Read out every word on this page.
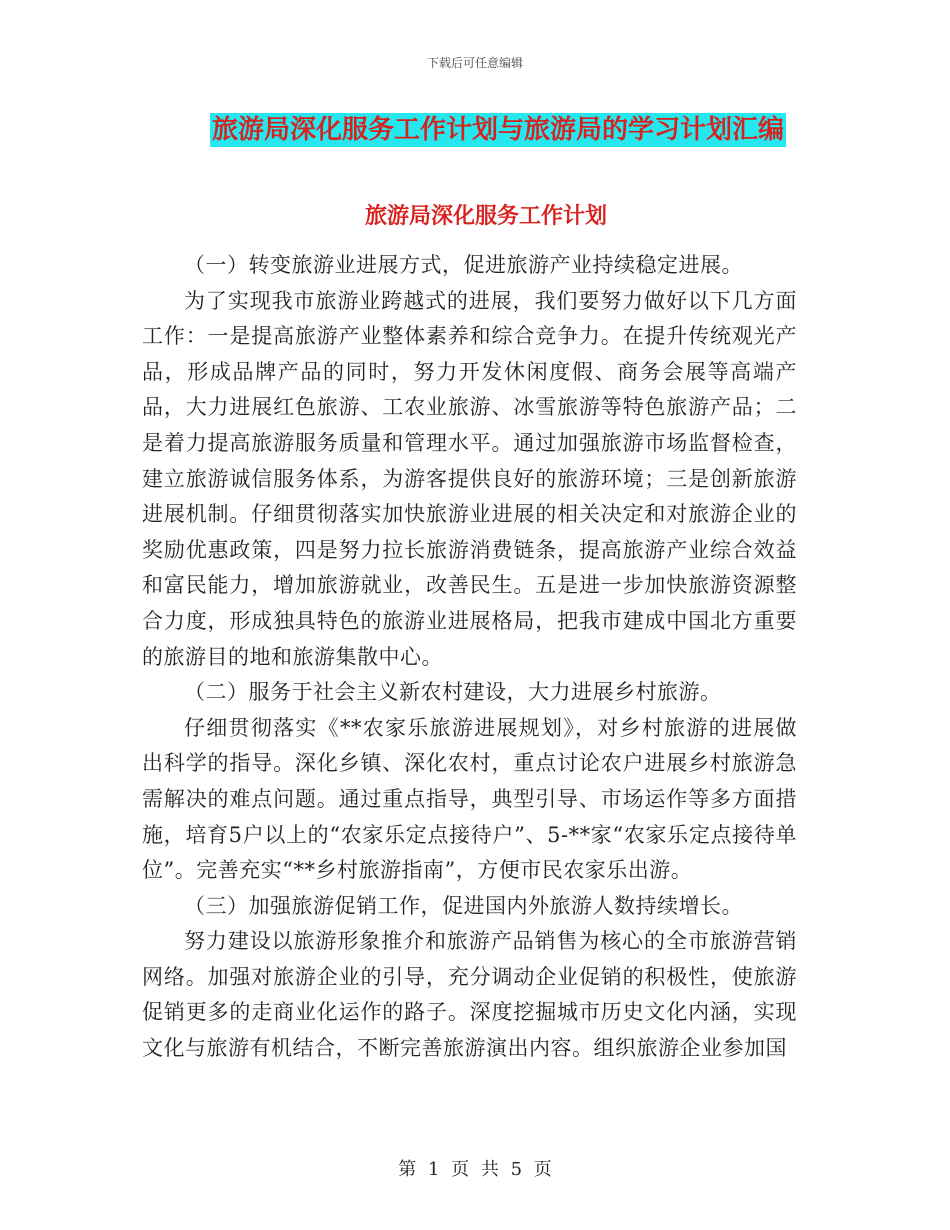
下载后可任意编辑
旅游局深化服务工作计划与旅游局的学习计划汇编
旅游局深化服务工作计划

（一）转变旅游业进展方式，促进旅游产业持续稳定进展。

为了实现我市旅游业跨越式的进展，我们要努力做好以下几方面工作：一是提高旅游产业整体素养和综合竞争力。在提升传统观光产品，形成品牌产品的同时，努力开发休闲度假、商务会展等高端产品，大力进展红色旅游、工农业旅游、冰雪旅游等特色旅游产品；二是着力提高旅游服务质量和管理水平。通过加强旅游市场监督检查，建立旅游诚信服务体系，为游客提供良好的旅游环境；三是创新旅游进展机制。仔细贯彻落实加快旅游业进展的相关决定和对旅游企业的奖励优惠政策，四是努力拉长旅游消费链条，提高旅游产业综合效益和富民能力，增加旅游就业，改善民生。五是进一步加快旅游资源整合力度，形成独具特色的旅游业进展格局，把我市建成中国北方重要的旅游目的地和旅游集散中心。

（二）服务于社会主义新农村建设，大力进展乡村旅游。

仔细贯彻落实《**农家乐旅游进展规划》，对乡村旅游的进展做出科学的指导。深化乡镇、深化农村，重点讨论农户进展乡村旅游急需解决的难点问题。通过重点指导，典型引导、市场运作等多方面措施，培育5户以上的“农家乐定点接待户”、5-**家“农家乐定点接待单位”。完善充实“**乡村旅游指南”，方便市民农家乐出游。

（三）加强旅游促销工作，促进国内外旅游人数持续增长。

努力建设以旅游形象推介和旅游产品销售为核心的全市旅游营销网络。加强对旅游企业的引导，充分调动企业促销的积极性，使旅游促销更多的走商业化运作的路子。深度挖掘城市历史文化内涵，实现文化与旅游有机结合，不断完善旅游演出内容。组织旅游企业参加国

第 1 页 共 5 页
